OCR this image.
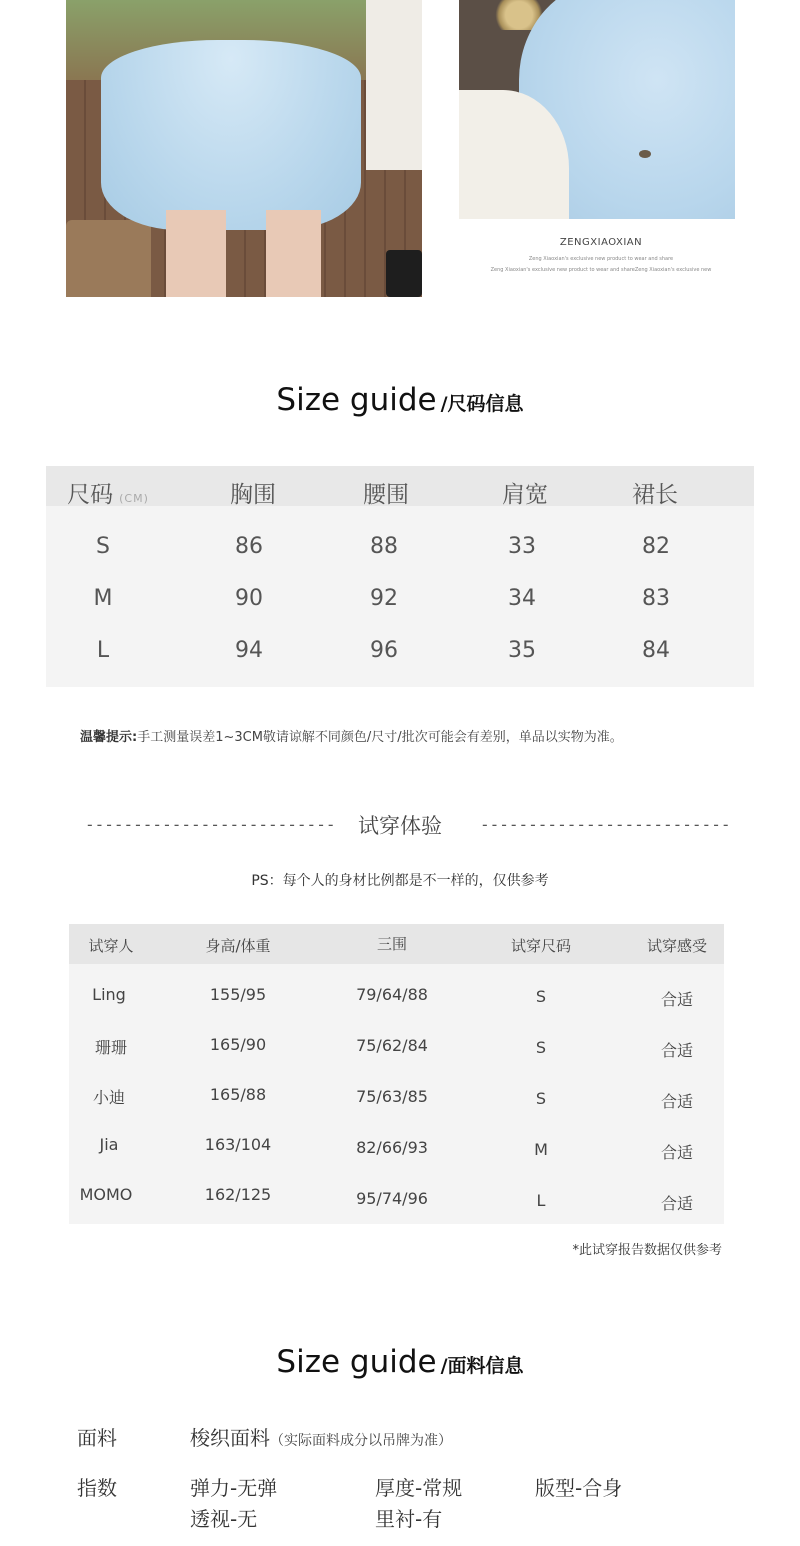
ZENGXIAOXIAN
Zeng Xiaoxian's exclusive new product to wear and share
Zeng Xiaoxian's exclusive new product to wear and shareZeng Xiaoxian's exclusive new
Size guide /尺码信息
尺码 (CM)	胸围	腰围	肩宽	裙长
S	86	88	33	82
M	90	92	34	83
L	94	96	35	84
温馨提示:手工测量误差1~3CM敬请谅解不同颜色/尺寸/批次可能会有差别，单品以实物为准。
--------------------------	试穿体验	--------------------------
PS：每个人的身材比例都是不一样的，仅供参考
试穿人	身高/体重	三围	试穿尺码	试穿感受
Ling	155/95	79/64/88	S	合适
珊珊	165/90	75/62/84	S	合适
小迪	165/88	75/63/85	S	合适
Jia	163/104	82/66/93	M	合适
MOMO	162/125	95/74/96	L	合适
*此试穿报告数据仅供参考
Size guide /面料信息
面料	梭织面料（实际面料成分以吊牌为准）
指数	弹力-无弹	厚度-常规	版型-合身
透视-无	里衬-有
